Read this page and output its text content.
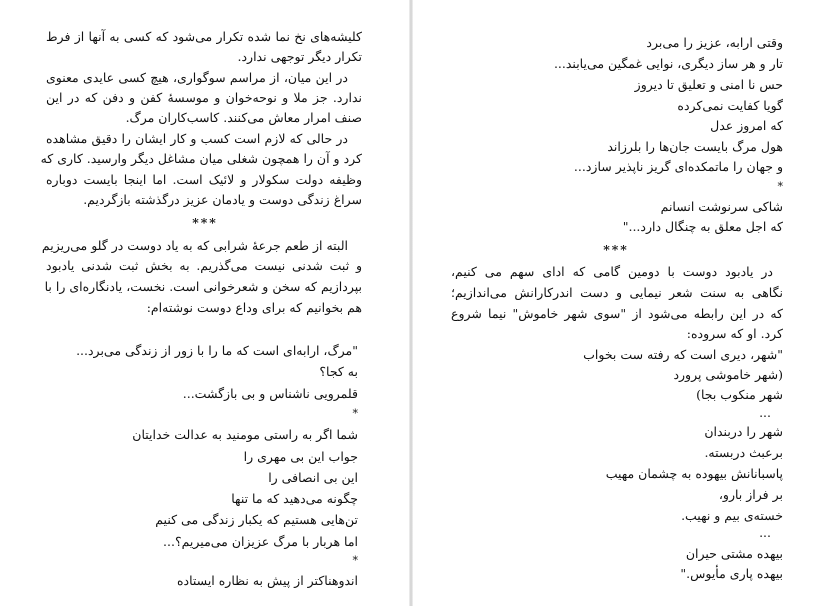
کلیشه‌های نخ نما شده تکرار می‌شود که کسی به آنها از فرط
تکرار دیگر توجهی ندارد.
در این میان، از مراسم سوگواری، هیچ کسی عایدی معنوی
ندارد. جز ملا و نوحه‌خوان و موسسهٔ کفن و دفن که در این
صنف امرار معاش می‌کنند. کاسب‌کاران مرگ.
در حالی که لازم است کسب و کار ایشان را دقیق مشاهده
کرد و آن را همچون شغلی میان مشاغل دیگر وارسید. کاری که
وظیفه دولت سکولار و لائیک است. اما اینجا بایست دوباره
سراغ زندگی دوست و یادمان عزیز درگذشته بازگردیم.
***
البته از طعم جرعهٔ شرابی که به یاد دوست در گلو می‌ریزیم
و ثبت شدنی نیست می‌گذریم. به بخش ثبت شدنی یادبود
بپردازیم که سخن و شعرخوانی است. نخست، یادنگاره‌ای را با
هم بخوانیم که برای وداع دوست نوشته‌ام:
"مرگ، ارابه‌ای است که ما را با زور از زندگی می‌برد...
به کجا؟
قلمرویی ناشناس و بی بازگشت...
*
شما اگر به راستی مومنید به عدالت خدایتان
جواب این بی مهری را
این بی انصافی را
چگونه می‌دهید که ما تنها
تن‌هایی هستیم که یکبار زندگی می کنیم
اما هربار با مرگ عزیزان می‌میریم؟...
*
اندوهناکتر از پیش به نظاره ایستاده
وقتی ارابه، عزیز را می‌برد
تار و هر ساز دیگری، نوایی غمگین می‌یابند...
حس نا امنی و تعلیق تا دیروز
گویا کفایت نمی‌کرده
که امروز عدل
هول مرگ بایست جان‌ها را بلرزاند
و جهان را ماتمکده‌ای گریز ناپذیر سازد...
*
شاکی سرنوشت انسانم
که اجل معلق به چنگال دارد..."
***
در یادبود دوست با دومین گامی که ادای سهم می کنیم،
نگاهی به سنت شعر نیمایی و دست اندرکارانش می‌اندازیم؛
که در این رابطه می‌شود از "سوی شهر خاموش" نیما شروع
کرد. او که سروده:
"شهر، دیری است که رفته ست بخواب
(شهر خاموشی پرورد
شهر منکوب بجا)
...
شهر را دربندان
برعبث دربسته.
پاسبانانش بیهوده به چشمان مهیب
بر فراز بارو،
خسته‌ی بیم و نهیب.
...
بیهده مشتی حیران
بیهده پاری مأیوس."
